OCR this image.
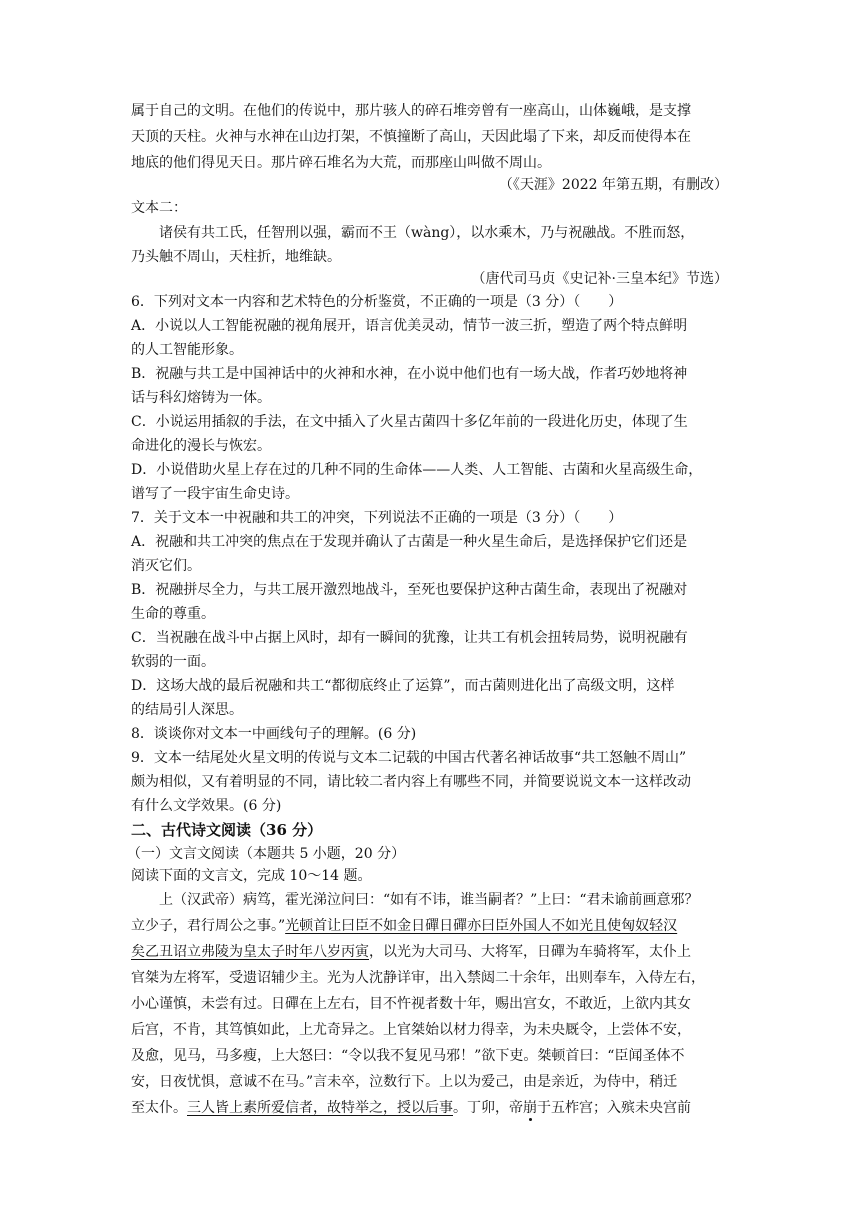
属于自己的文明。在他们的传说中，那片骇人的碎石堆旁曾有一座高山，山体巍峨，是支撑
天顶的天柱。火神与水神在山边打架，不慎撞断了高山，天因此塌了下来，却反而使得本在
地底的他们得见天日。那片碎石堆名为大荒，而那座山叫做不周山。
（《天涯》2022 年第五期，有删改）
文本二：
诸侯有共工氏，任智刑以强，霸而不王（wàng），以水乘木，乃与祝融战。不胜而怒，
乃头触不周山，天柱折，地维缺。
（唐代司马贞《史记补·三皇本纪》节选）
6．下列对文本一内容和艺术特色的分析鉴赏，不正确的一项是（3 分）（　　）
A．小说以人工智能祝融的视角展开，语言优美灵动，情节一波三折，塑造了两个特点鲜明
的人工智能形象。
B．祝融与共工是中国神话中的火神和水神，在小说中他们也有一场大战，作者巧妙地将神
话与科幻熔铸为一体。
C．小说运用插叙的手法，在文中插入了火星古菌四十多亿年前的一段进化历史，体现了生
命进化的漫长与恢宏。
D．小说借助火星上存在过的几种不同的生命体——人类、人工智能、古菌和火星高级生命，
谱写了一段宇宙生命史诗。
7．关于文本一中祝融和共工的冲突，下列说法不正确的一项是（3 分）（　　）
A．祝融和共工冲突的焦点在于发现并确认了古菌是一种火星生命后，是选择保护它们还是
消灭它们。
B．祝融拼尽全力，与共工展开激烈地战斗，至死也要保护这种古菌生命，表现出了祝融对
生命的尊重。
C．当祝融在战斗中占据上风时，却有一瞬间的犹豫，让共工有机会扭转局势，说明祝融有
软弱的一面。
D．这场大战的最后祝融和共工“都彻底终止了运算”，而古菌则进化出了高级文明，这样
的结局引人深思。
8．谈谈你对文本一中画线句子的理解。(6 分)
9．文本一结尾处火星文明的传说与文本二记载的中国古代著名神话故事“共工怒触不周山”
颇为相似，又有着明显的不同，请比较二者内容上有哪些不同，并简要说说文本一这样改动
有什么文学效果。(6 分)
二、古代诗文阅读（36 分）
（一）文言文阅读（本题共 5 小题，20 分）
阅读下面的文言文，完成 10～14 题。
上（汉武帝）病笃，霍光涕泣问曰：“如有不讳，谁当嗣者？”上曰：“君未谕前画意邪？
立少子，君行周公之事。”光顿首让曰臣不如金日磾日磾亦曰臣外国人不如光且使匈奴轻汉
矣乙丑诏立弗陵为皇太子时年八岁丙寅，以光为大司马、大将军，日磾为车骑将军，太仆上
官桀为左将军，受遗诏辅少主。光为人沈静详审，出入禁闼二十余年，出则奉车，入侍左右，
小心谨慎，未尝有过。日磾在上左右，目不忤视者数十年，赐出宫女，不敢近，上欲内其女
后宫，不肯，其笃慎如此，上尤奇异之。上官桀始以材力得幸，为未央厩令，上尝体不安，
及愈，见马，马多瘦，上大怒曰：“令以我不复见马邪！”欲下吏。桀顿首曰：“臣闻圣体不
安，日夜忧惧，意诚不在马。”言未卒，泣数行下。上以为爱己，由是亲近，为侍中，稍迁
至太仆。三人皆上素所爱信者，故特举之，授以后事。丁卯，帝崩于五柞宫；入殡未央宫前
